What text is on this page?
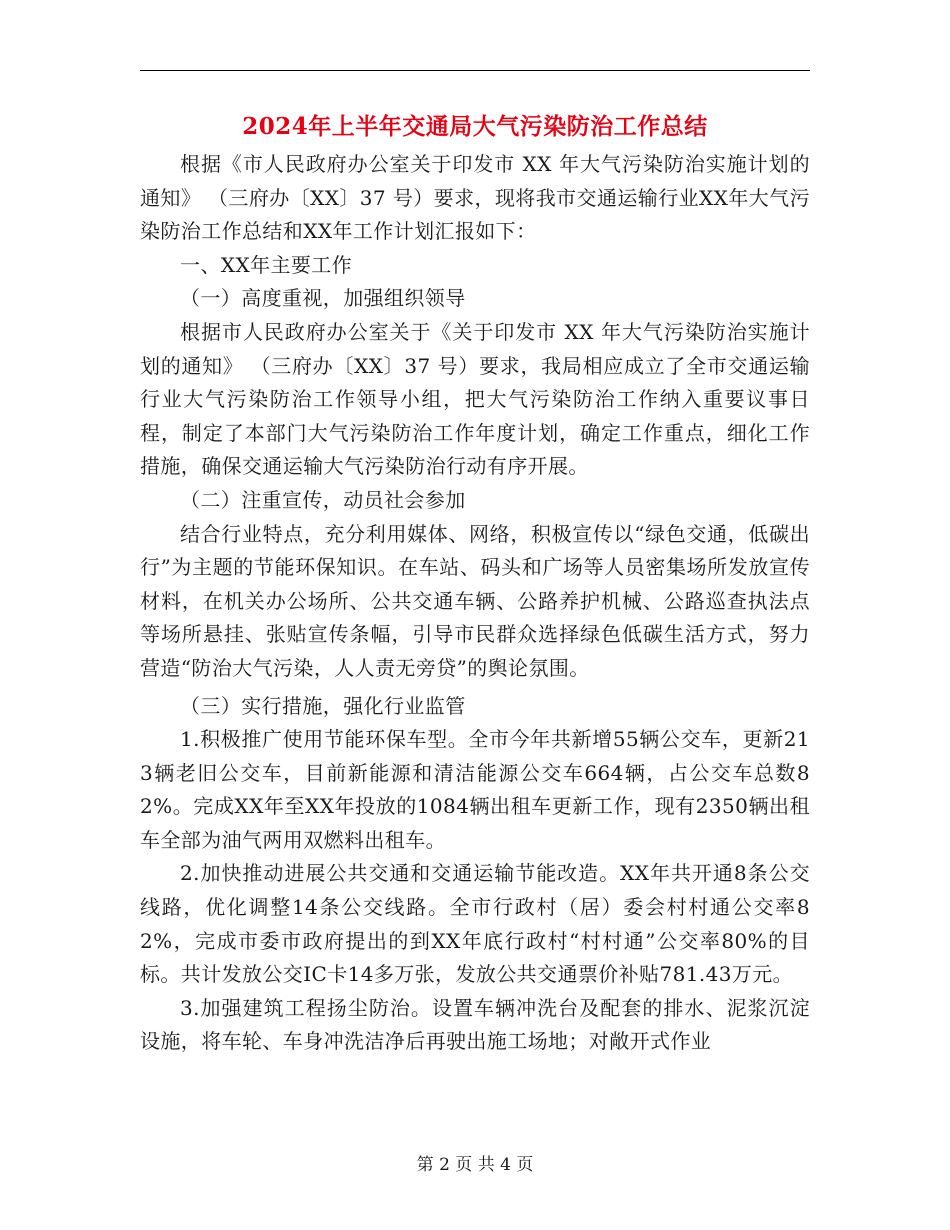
2024年上半年交通局大气污染防治工作总结

根据《市人民政府办公室关于印发市 XX 年大气污染防治实施计划的通知》 （三府办〔XX〕37 号）要求，现将我市交通运输行业XX年大气污染防治工作总结和XX年工作计划汇报如下：

一、XX年主要工作

（一）高度重视，加强组织领导

根据市人民政府办公室关于《关于印发市 XX 年大气污染防治实施计划的通知》 （三府办〔XX〕37 号）要求，我局相应成立了全市交通运输行业大气污染防治工作领导小组，把大气污染防治工作纳入重要议事日程，制定了本部门大气污染防治工作年度计划，确定工作重点，细化工作措施，确保交通运输大气污染防治行动有序开展。

（二）注重宣传，动员社会参加

结合行业特点，充分利用媒体、网络，积极宣传以“绿色交通，低碳出行”为主题的节能环保知识。在车站、码头和广场等人员密集场所发放宣传材料，在机关办公场所、公共交通车辆、公路养护机械、公路巡查执法点等场所悬挂、张贴宣传条幅，引导市民群众选择绿色低碳生活方式，努力营造“防治大气污染，人人责无旁贷”的舆论氛围。

（三）实行措施，强化行业监管

1.积极推广使用节能环保车型。全市今年共新增55辆公交车，更新213辆老旧公交车，目前新能源和清洁能源公交车664辆，占公交车总数82%。完成XX年至XX年投放的1084辆出租车更新工作，现有2350辆出租车全部为油气两用双燃料出租车。

2.加快推动进展公共交通和交通运输节能改造。XX年共开通8条公交线路，优化调整14条公交线路。全市行政村（居）委会村村通公交率82%，完成市委市政府提出的到XX年底行政村“村村通”公交率80%的目标。共计发放公交IC卡14多万张，发放公共交通票价补贴781.43万元。

3.加强建筑工程扬尘防治。设置车辆冲洗台及配套的排水、泥浆沉淀设施，将车轮、车身冲洗洁净后再驶出施工场地；对敞开式作业

第 2 页 共 4 页
